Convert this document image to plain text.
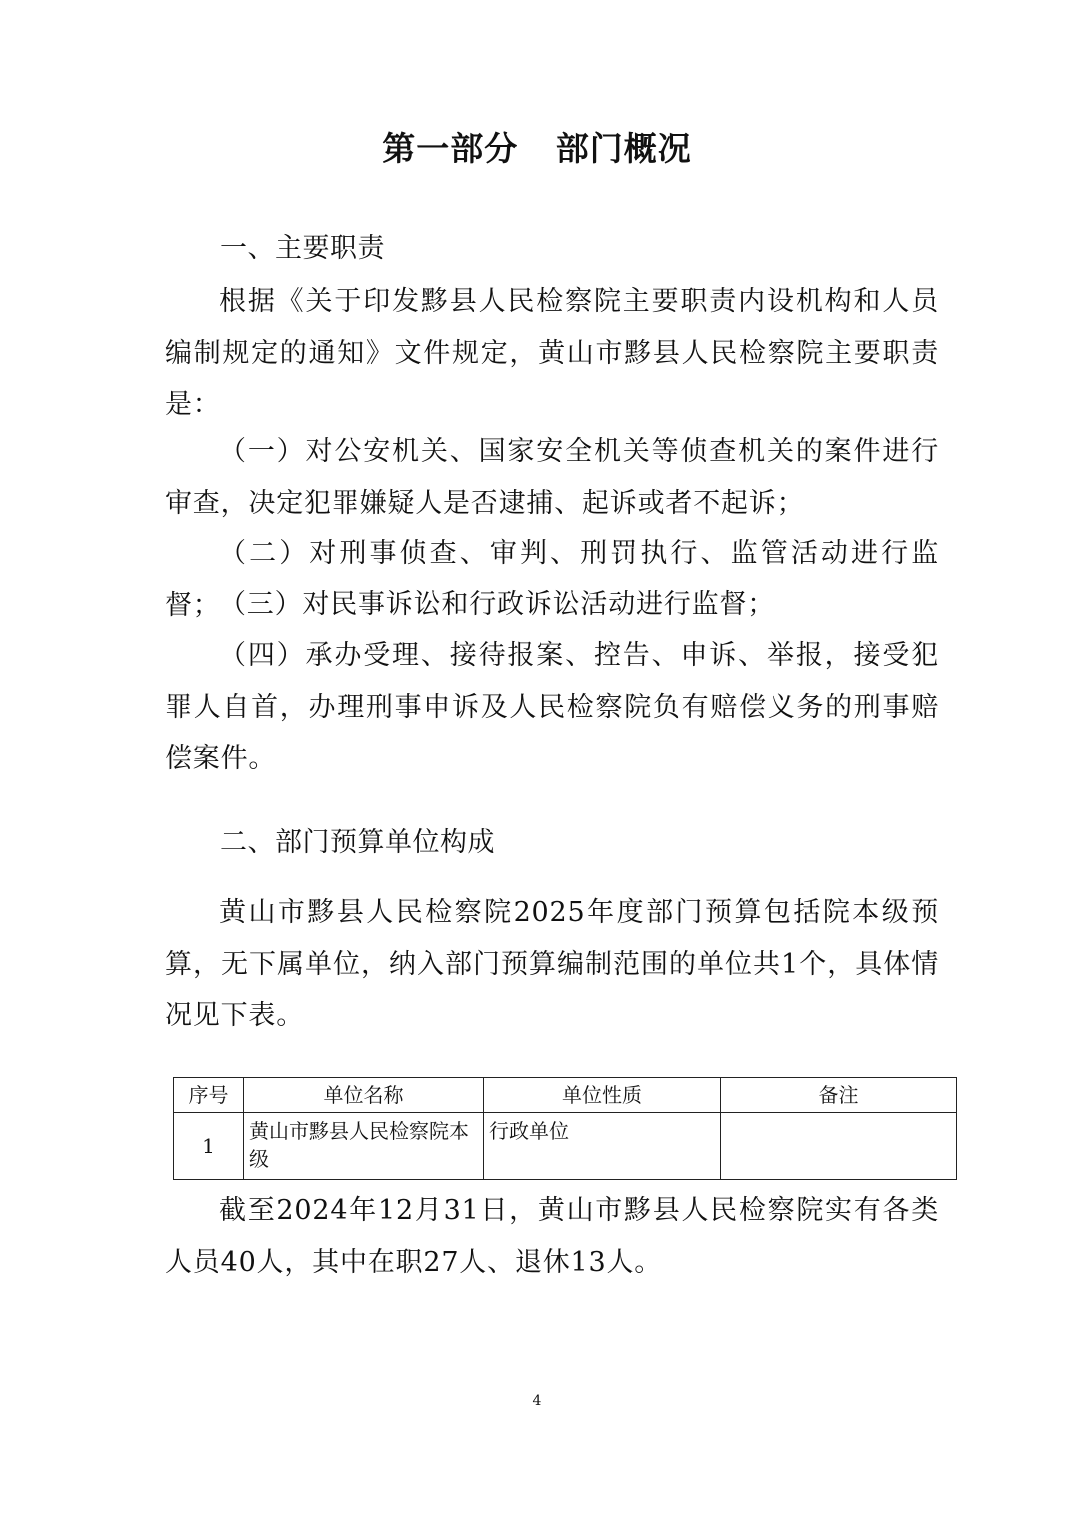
第一部分   部门概况
一、主要职责

根据《关于印发黟县人民检察院主要职责内设机构和人员编制规定的通知》文件规定，黄山市黟县人民检察院主要职责是：

（一）对公安机关、国家安全机关等侦查机关的案件进行审查，决定犯罪嫌疑人是否逮捕、起诉或者不起诉；

（二）对刑事侦查、审判、刑罚执行、监管活动进行监督；

（三）对民事诉讼和行政诉讼活动进行监督；

（四）承办受理、接待报案、控告、申诉、举报，接受犯罪人自首，办理刑事申诉及人民检察院负有赔偿义务的刑事赔偿案件。

二、部门预算单位构成

黄山市黟县人民检察院2025年度部门预算包括院本级预算，无下属单位，纳入部门预算编制范围的单位共1个，具体情况见下表。

序号	单位名称	单位性质	备注
1	黄山市黟县人民检察院本级	行政单位	

截至2024年12月31日，黄山市黟县人民检察院实有各类人员40人，其中在职27人、退休13人。

4
